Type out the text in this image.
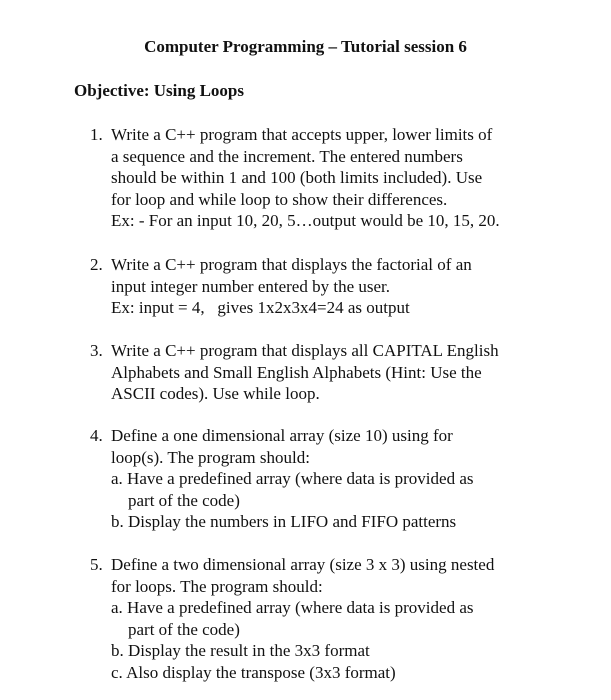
Computer Programming – Tutorial session 6
Objective: Using Loops
1. Write a C++ program that accepts upper, lower limits of
a sequence and the increment. The entered numbers
should be within 1 and 100 (both limits included). Use
for loop and while loop to show their differences.
Ex: - For an input 10, 20, 5…output would be 10, 15, 20.
2. Write a C++ program that displays the factorial of an
input integer number entered by the user.
Ex: input = 4,   gives 1x2x3x4=24 as output
3. Write a C++ program that displays all CAPITAL English
Alphabets and Small English Alphabets (Hint: Use the
ASCII codes). Use while loop.
4. Define a one dimensional array (size 10) using for
loop(s). The program should:
a. Have a predefined array (where data is provided as
part of the code)
b. Display the numbers in LIFO and FIFO patterns
5. Define a two dimensional array (size 3 x 3) using nested
for loops. The program should:
a. Have a predefined array (where data is provided as
part of the code)
b. Display the result in the 3x3 format
c. Also display the transpose (3x3 format)
